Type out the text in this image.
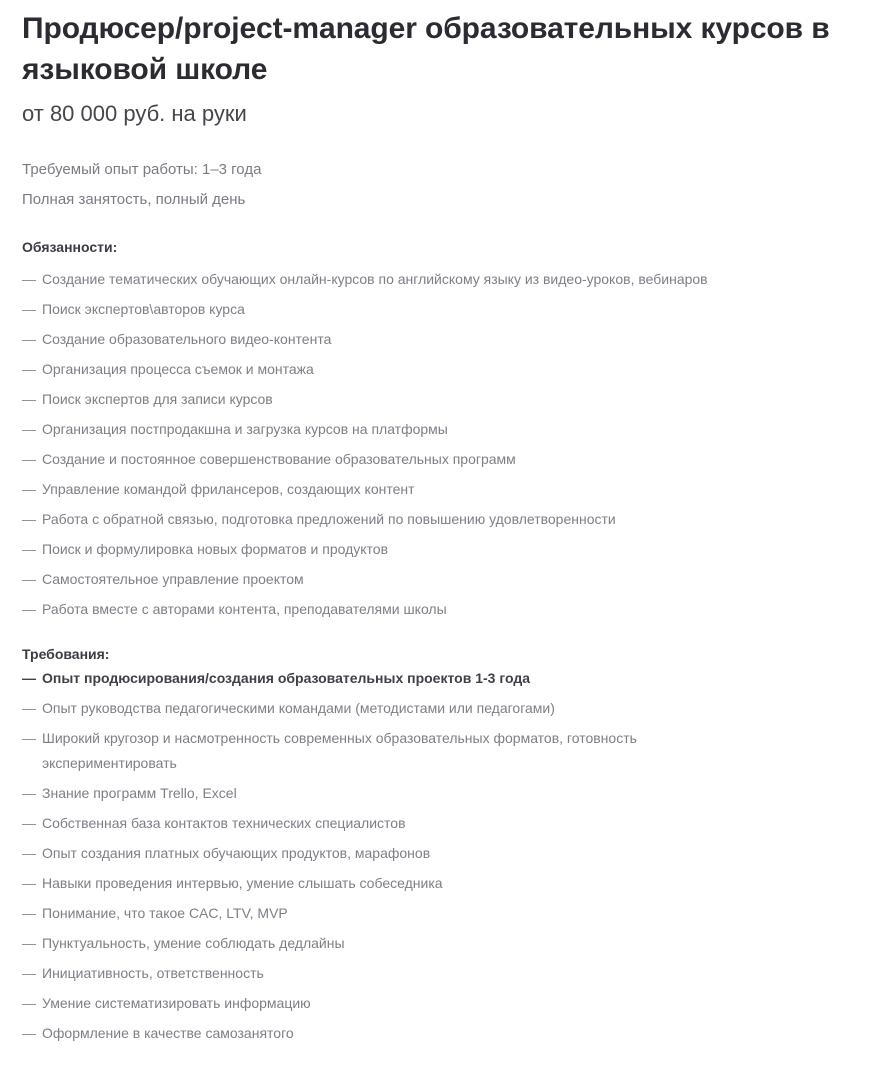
Продюсер/project-manager образовательных курсов в языковой школе
от 80 000 руб. на руки
Требуемый опыт работы: 1–3 года
Полная занятость, полный день
Обязанности:
— Создание тематических обучающих онлайн-курсов по английскому языку из видео-уроков, вебинаров
— Поиск экспертов\авторов курса
— Создание образовательного видео-контента
— Организация процесса съемок и монтажа
— Поиск экспертов для записи курсов
— Организация постпродакшна и загрузка курсов на платформы
— Создание и постоянное совершенствование образовательных программ
— Управление командой фрилансеров, создающих контент
— Работа с обратной связью, подготовка предложений по повышению удовлетворенности
— Поиск и формулировка новых форматов и продуктов
— Самостоятельное управление проектом
— Работа вместе с авторами контента, преподавателями школы
Требования:
— Опыт продюсирования/создания образовательных проектов 1-3 года
— Опыт руководства педагогическими командами (методистами или педагогами)
— Широкий кругозор и насмотренность современных образовательных форматов, готовность экспериментировать
— Знание программ Trello, Excel
— Собственная база контактов технических специалистов
— Опыт создания платных обучающих продуктов, марафонов
— Навыки проведения интервью, умение слышать собеседника
— Понимание, что такое CAC, LTV, MVP
— Пунктуальность, умение соблюдать дедлайны
— Инициативность, ответственность
— Умение систематизировать информацию
— Оформление в качестве самозанятого
